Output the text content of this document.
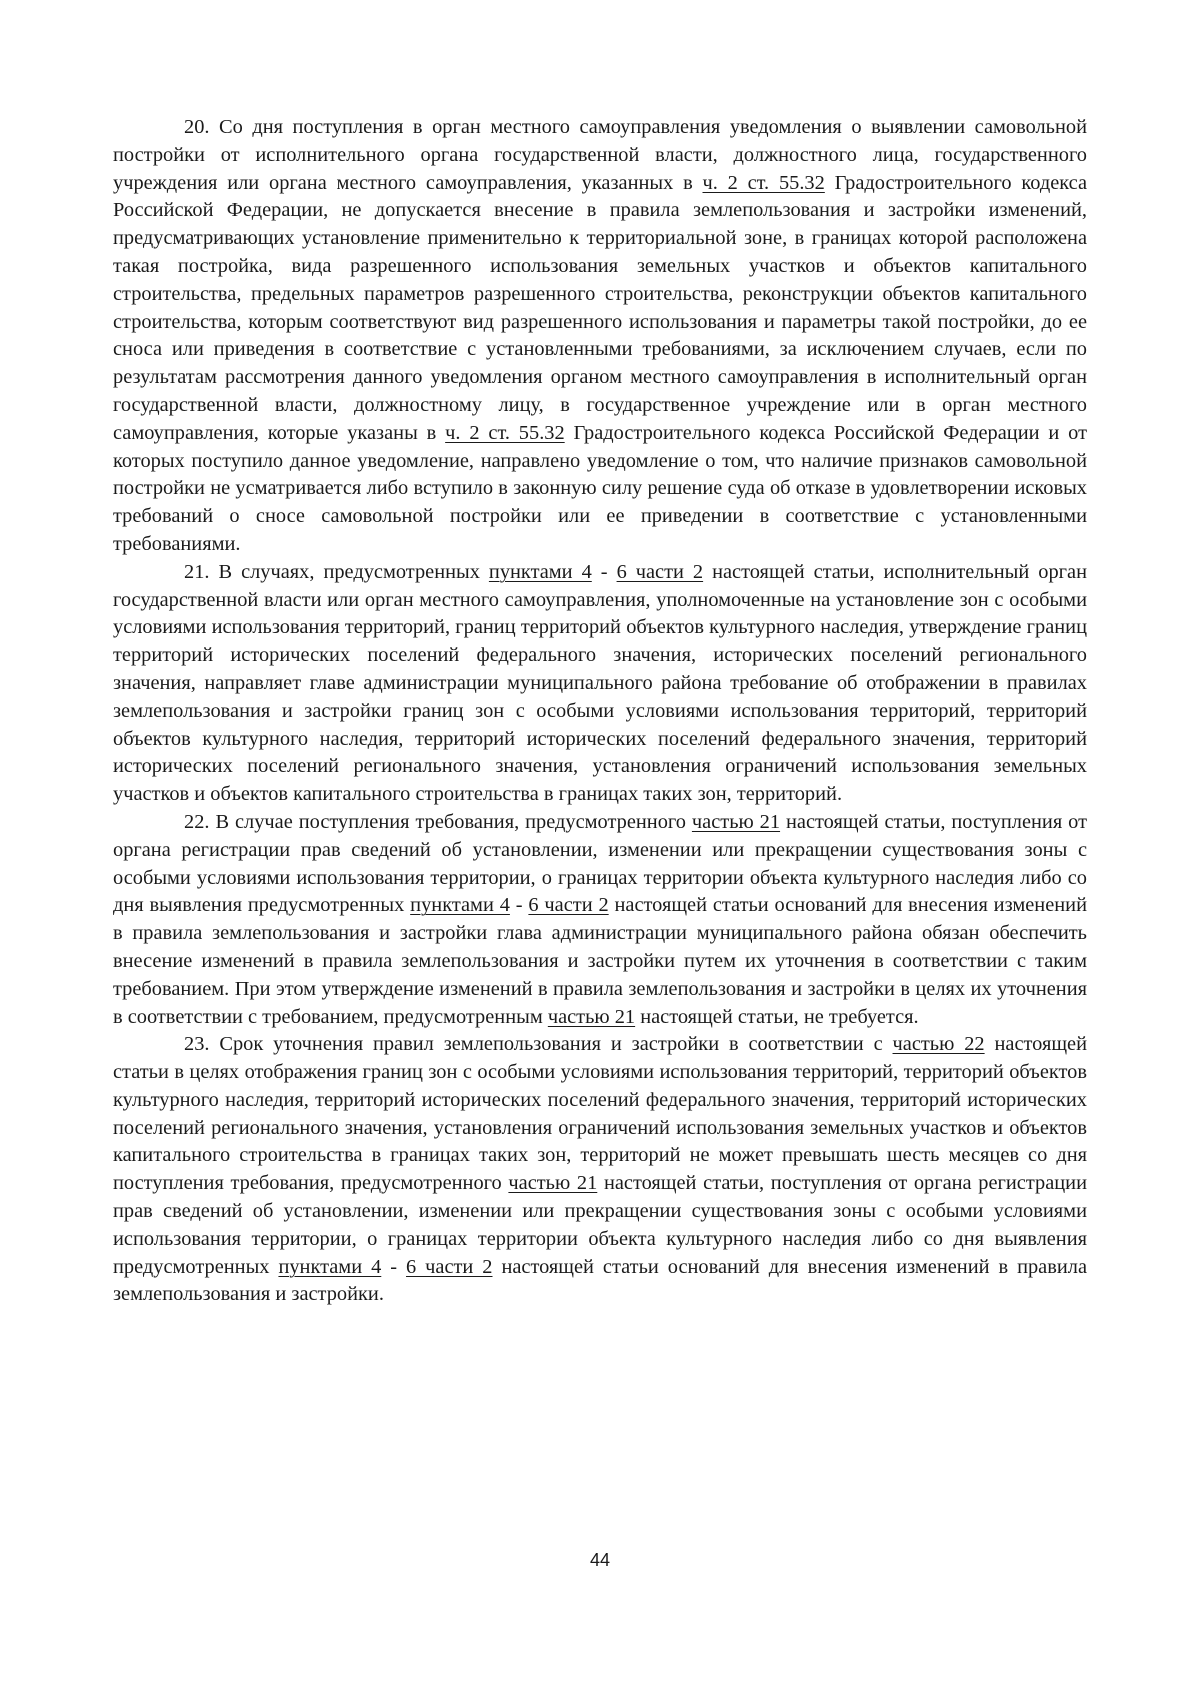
20. Со дня поступления в орган местного самоуправления уведомления о выявлении самовольной постройки от исполнительного органа государственной власти, должностного лица, государственного учреждения или органа местного самоуправления, указанных в ч. 2 ст. 55.32 Градостроительного кодекса Российской Федерации, не допускается внесение в правила землепользования и застройки изменений, предусматривающих установление применительно к территориальной зоне, в границах которой расположена такая постройка, вида разрешенного использования земельных участков и объектов капитального строительства, предельных параметров разрешенного строительства, реконструкции объектов капитального строительства, которым соответствуют вид разрешенного использования и параметры такой постройки, до ее сноса или приведения в соответствие с установленными требованиями, за исключением случаев, если по результатам рассмотрения данного уведомления органом местного самоуправления в исполнительный орган государственной власти, должностному лицу, в государственное учреждение или в орган местного самоуправления, которые указаны в ч. 2 ст. 55.32 Градостроительного кодекса Российской Федерации и от которых поступило данное уведомление, направлено уведомление о том, что наличие признаков самовольной постройки не усматривается либо вступило в законную силу решение суда об отказе в удовлетворении исковых требований о сносе самовольной постройки или ее приведении в соответствие с установленными требованиями.

21. В случаях, предусмотренных пунктами 4 - 6 части 2 настоящей статьи, исполнительный орган государственной власти или орган местного самоуправления, уполномоченные на установление зон с особыми условиями использования территорий, границ территорий объектов культурного наследия, утверждение границ территорий исторических поселений федерального значения, исторических поселений регионального значения, направляет главе администрации муниципального района требование об отображении в правилах землепользования и застройки границ зон с особыми условиями использования территорий, территорий объектов культурного наследия, территорий исторических поселений федерального значения, территорий исторических поселений регионального значения, установления ограничений использования земельных участков и объектов капитального строительства в границах таких зон, территорий.

22. В случае поступления требования, предусмотренного частью 21 настоящей статьи, поступления от органа регистрации прав сведений об установлении, изменении или прекращении существования зоны с особыми условиями использования территории, о границах территории объекта культурного наследия либо со дня выявления предусмотренных пунктами 4 - 6 части 2 настоящей статьи оснований для внесения изменений в правила землепользования и застройки глава администрации муниципального района обязан обеспечить внесение изменений в правила землепользования и застройки путем их уточнения в соответствии с таким требованием. При этом утверждение изменений в правила землепользования и застройки в целях их уточнения в соответствии с требованием, предусмотренным частью 21 настоящей статьи, не требуется.

23. Срок уточнения правил землепользования и застройки в соответствии с частью 22 настоящей статьи в целях отображения границ зон с особыми условиями использования территорий, территорий объектов культурного наследия, территорий исторических поселений федерального значения, территорий исторических поселений регионального значения, установления ограничений использования земельных участков и объектов капитального строительства в границах таких зон, территорий не может превышать шесть месяцев со дня поступления требования, предусмотренного частью 21 настоящей статьи, поступления от органа регистрации прав сведений об установлении, изменении или прекращении существования зоны с особыми условиями использования территории, о границах территории объекта культурного наследия либо со дня выявления предусмотренных пунктами 4 - 6 части 2 настоящей статьи оснований для внесения изменений в правила землепользования и застройки.

44
